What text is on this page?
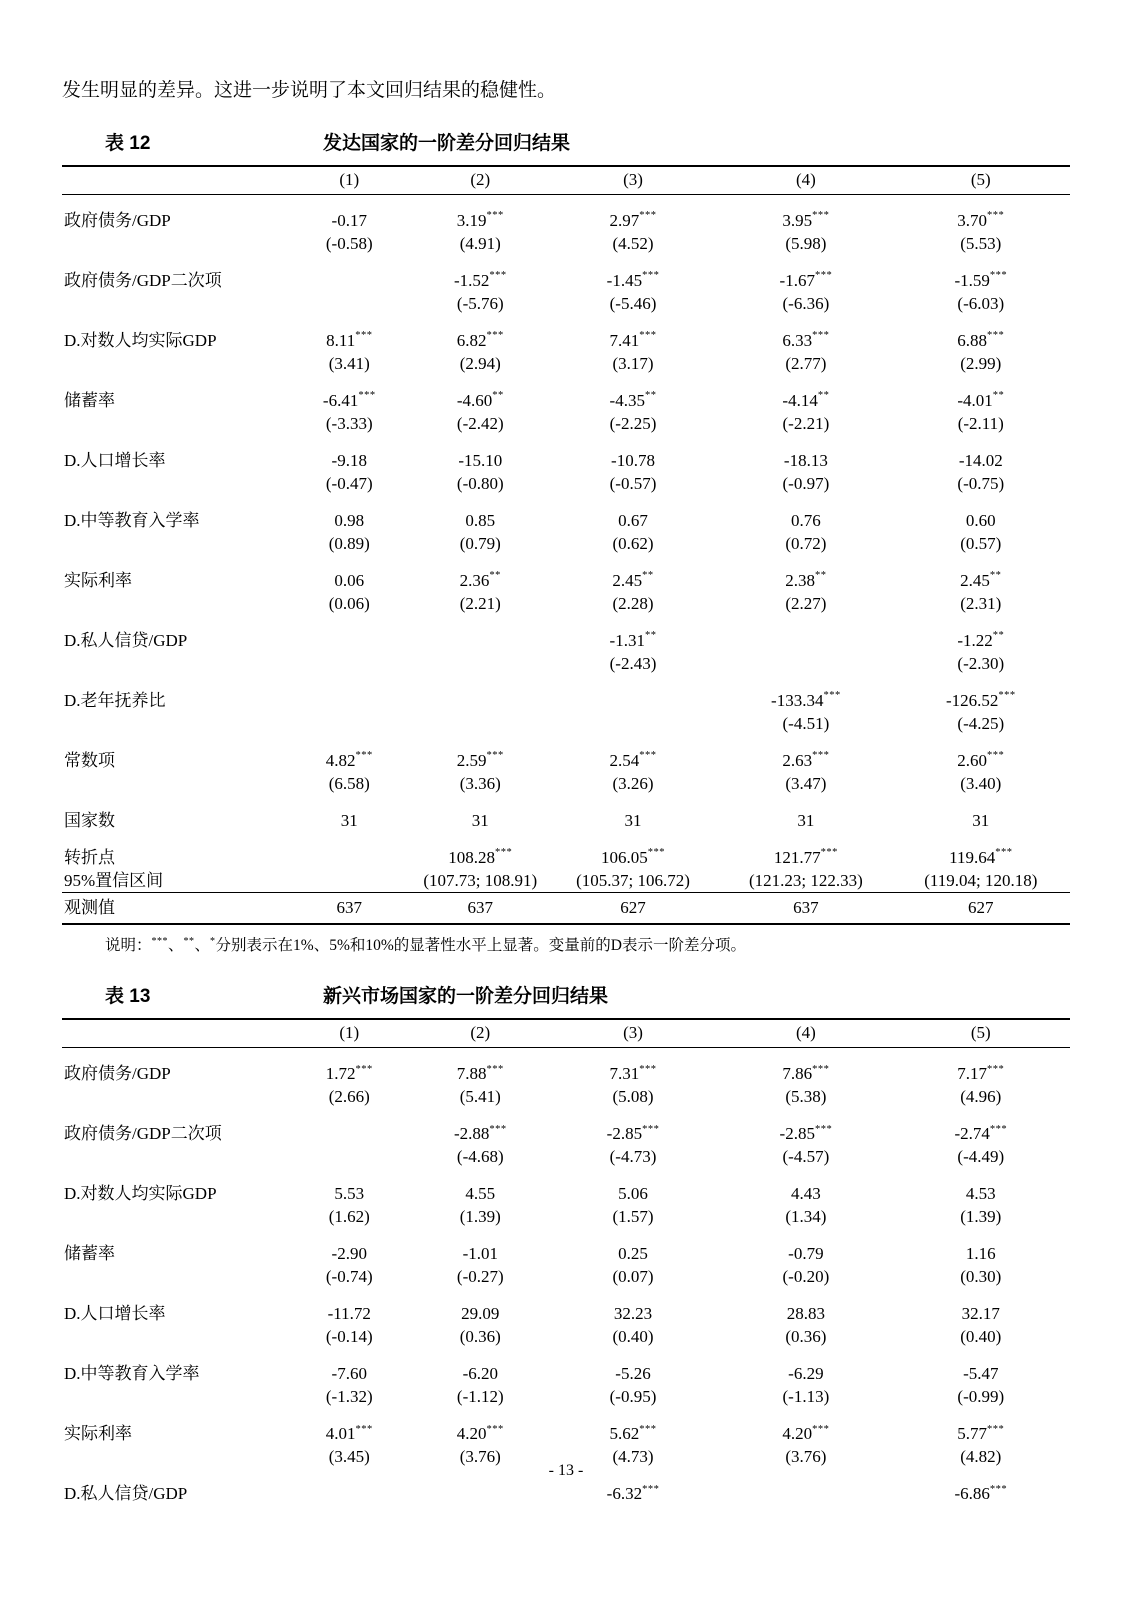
发生明显的差异。这进一步说明了本文回归结果的稳健性。

表 12	发达国家的一阶差分回归结果
	(1)	(2)	(3)	(4)	(5)
政府债务/GDP	-0.17	3.19***	2.97***	3.95***	3.70***
	(-0.58)	(4.91)	(4.52)	(5.98)	(5.53)
政府债务/GDP二次项		-1.52***	-1.45***	-1.67***	-1.59***
		(-5.76)	(-5.46)	(-6.36)	(-6.03)
D.对数人均实际GDP	8.11***	6.82***	7.41***	6.33***	6.88***
	(3.41)	(2.94)	(3.17)	(2.77)	(2.99)
储蓄率	-6.41***	-4.60**	-4.35**	-4.14**	-4.01**
	(-3.33)	(-2.42)	(-2.25)	(-2.21)	(-2.11)
D.人口增长率	-9.18	-15.10	-10.78	-18.13	-14.02
	(-0.47)	(-0.80)	(-0.57)	(-0.97)	(-0.75)
D.中等教育入学率	0.98	0.85	0.67	0.76	0.60
	(0.89)	(0.79)	(0.62)	(0.72)	(0.57)
实际利率	0.06	2.36**	2.45**	2.38**	2.45**
	(0.06)	(2.21)	(2.28)	(2.27)	(2.31)
D.私人信贷/GDP			-1.31**		-1.22**
			(-2.43)		(-2.30)
D.老年抚养比				-133.34***	-126.52***
				(-4.51)	(-4.25)
常数项	4.82***	2.59***	2.54***	2.63***	2.60***
	(6.58)	(3.36)	(3.26)	(3.47)	(3.40)
国家数	31	31	31	31	31
转折点		108.28***	106.05***	121.77***	119.64***
95%置信区间		(107.73; 108.91)	(105.37; 106.72)	(121.23; 122.33)	(119.04; 120.18)
观测值	637	637	627	637	627

说明：***、**、*分别表示在1%、5%和10%的显著性水平上显著。变量前的D表示一阶差分项。

表 13	新兴市场国家的一阶差分回归结果
	(1)	(2)	(3)	(4)	(5)
政府债务/GDP	1.72***	7.88***	7.31***	7.86***	7.17***
	(2.66)	(5.41)	(5.08)	(5.38)	(4.96)
政府债务/GDP二次项		-2.88***	-2.85***	-2.85***	-2.74***
		(-4.68)	(-4.73)	(-4.57)	(-4.49)
D.对数人均实际GDP	5.53	4.55	5.06	4.43	4.53
	(1.62)	(1.39)	(1.57)	(1.34)	(1.39)
储蓄率	-2.90	-1.01	0.25	-0.79	1.16
	(-0.74)	(-0.27)	(0.07)	(-0.20)	(0.30)
D.人口增长率	-11.72	29.09	32.23	28.83	32.17
	(-0.14)	(0.36)	(0.40)	(0.36)	(0.40)
D.中等教育入学率	-7.60	-6.20	-5.26	-6.29	-5.47
	(-1.32)	(-1.12)	(-0.95)	(-1.13)	(-0.99)
实际利率	4.01***	4.20***	5.62***	4.20***	5.77***
	(3.45)	(3.76)	(4.73)	(3.76)	(4.82)
D.私人信贷/GDP			-6.32***		-6.86***
- 13 -
